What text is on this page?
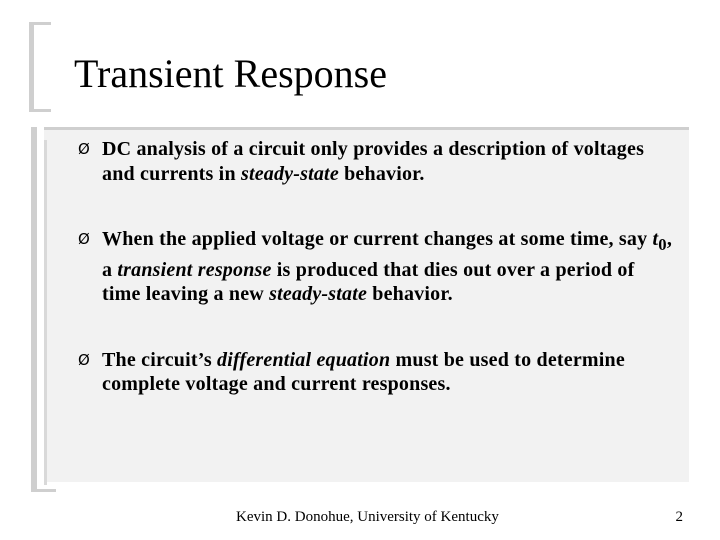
Transient Response
Ø DC analysis of a circuit only provides a description of voltages and currents in steady-state behavior.
Ø When the applied voltage or current changes at some time, say $t_0$, a transient response is produced that dies out over a period of time leaving a new steady-state behavior.
Ø The circuit’s differential equation must be used to determine complete voltage and current responses.
Kevin D. Donohue, University of Kentucky	2
